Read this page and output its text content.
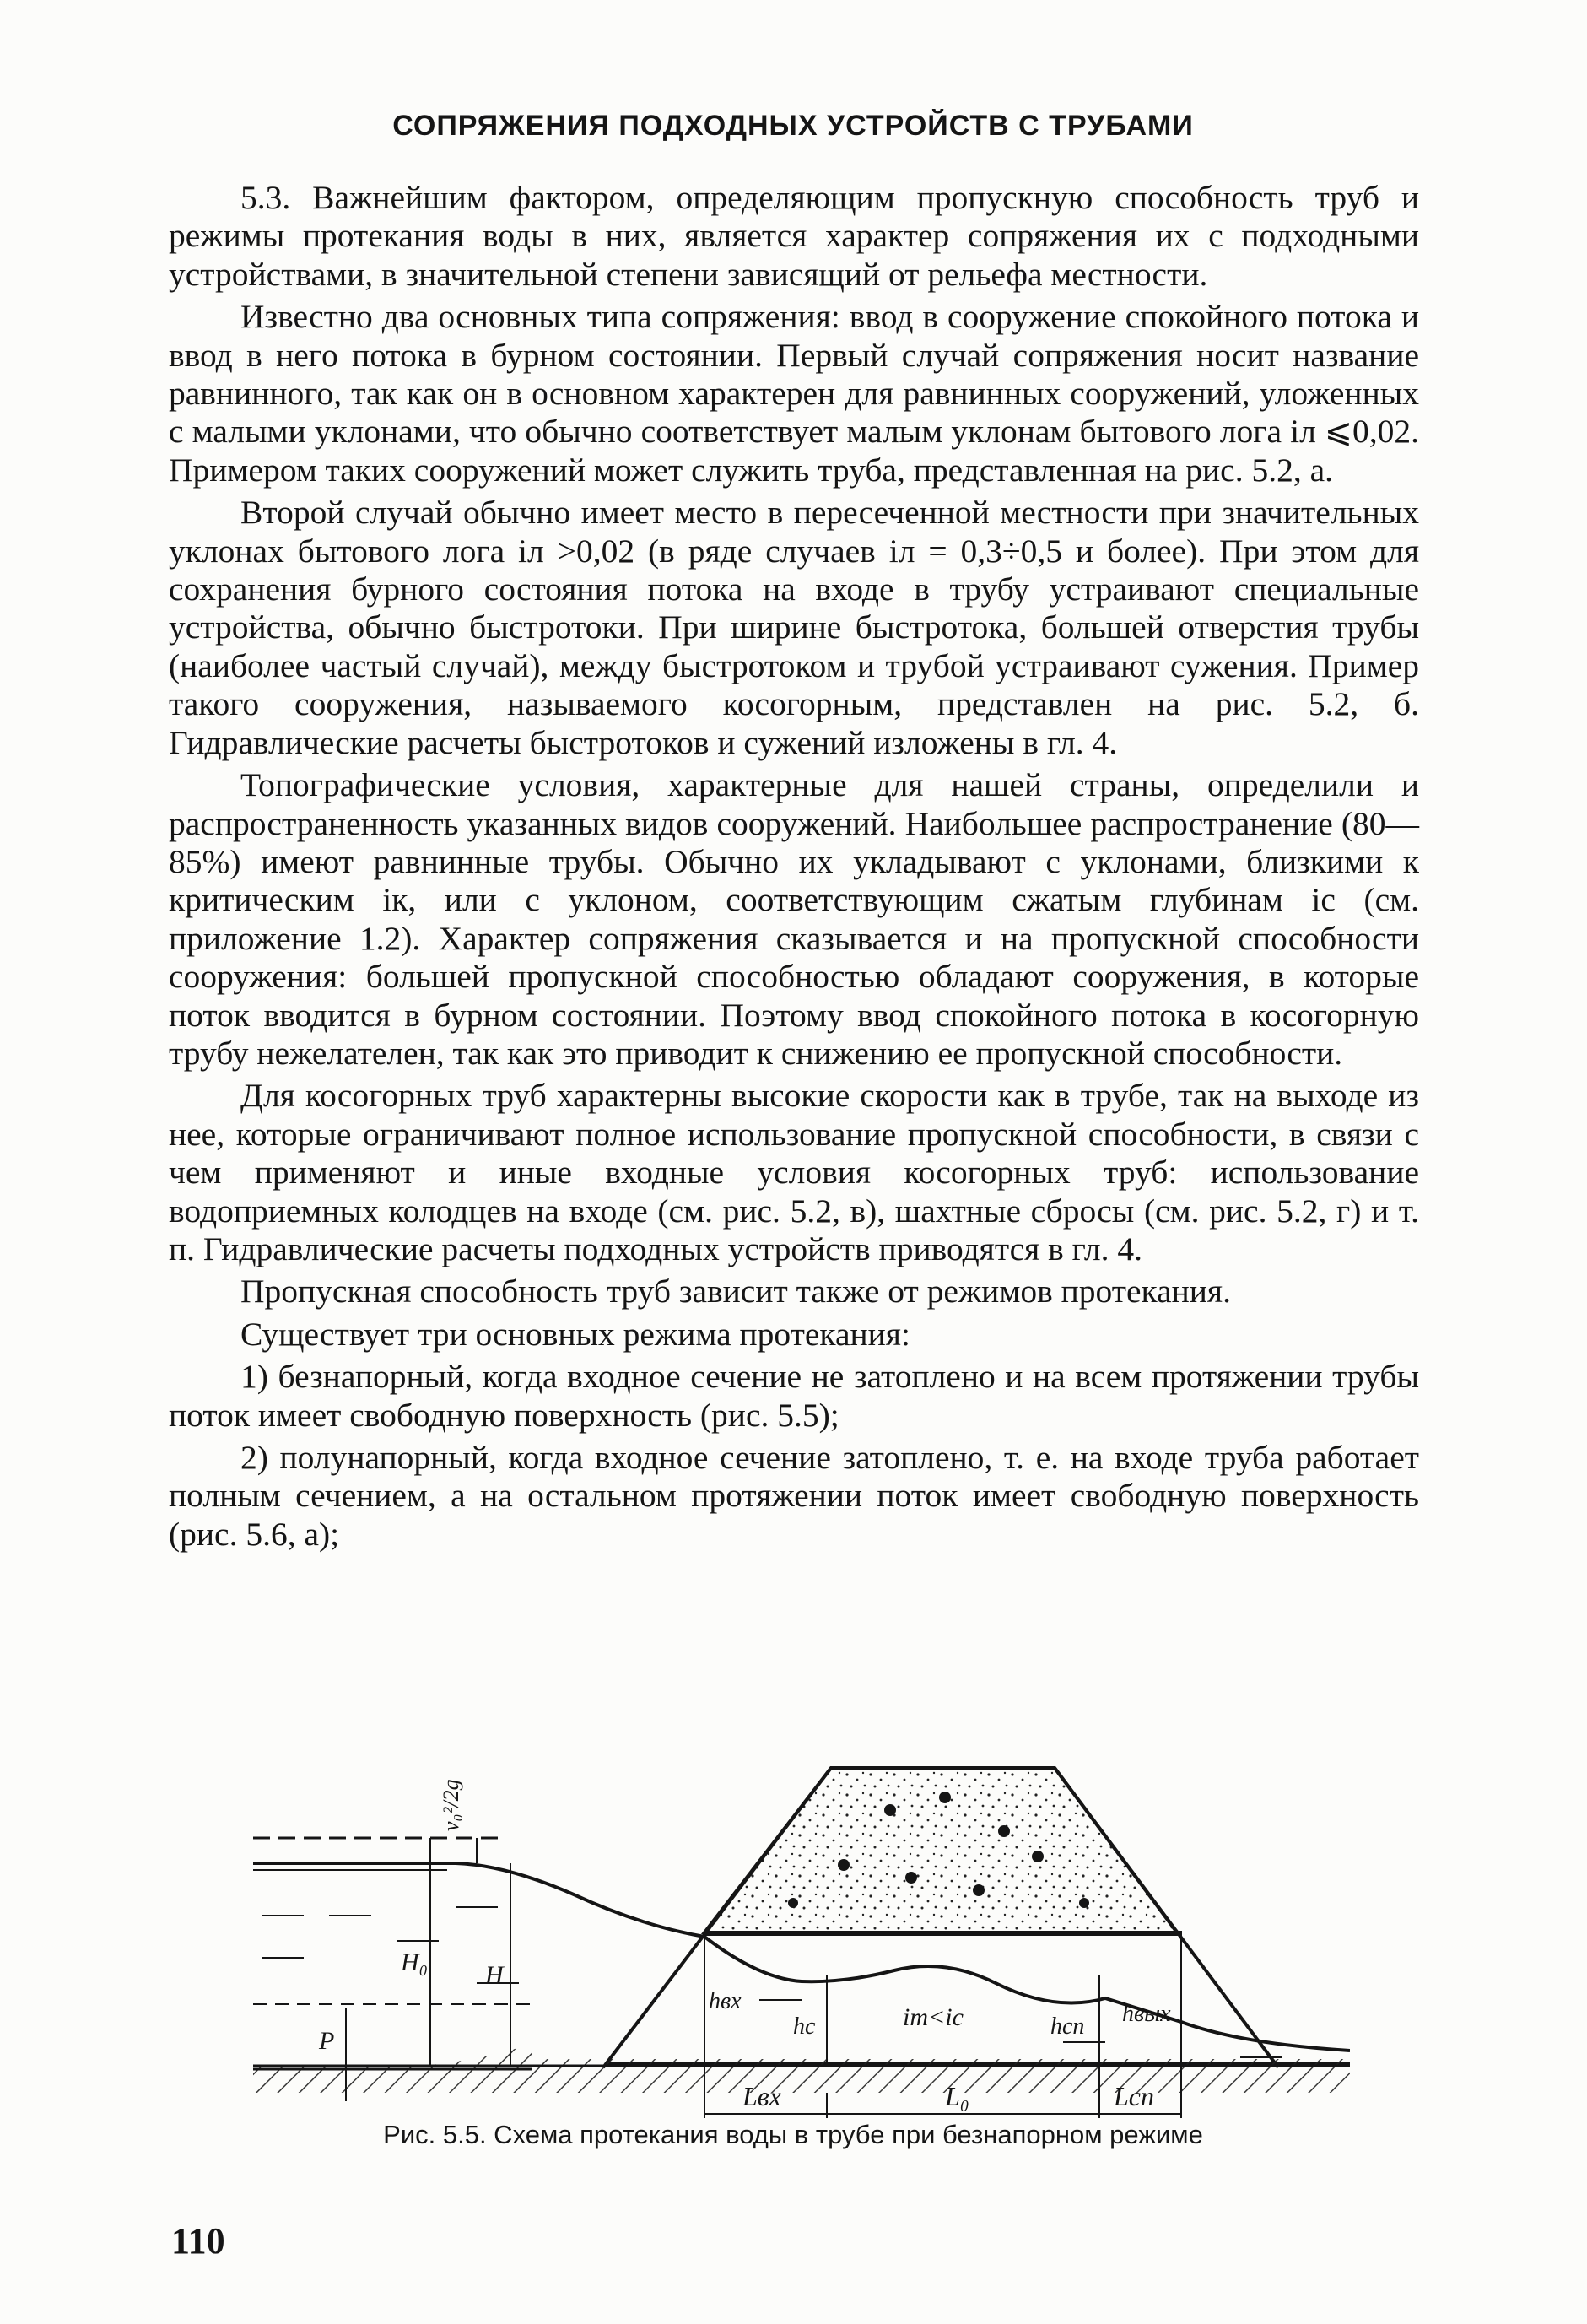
СОПРЯЖЕНИЯ ПОДХОДНЫХ УСТРОЙСТВ С ТРУБАМИ

5.3. Важнейшим фактором, определяющим пропускную способность труб и режимы протекания воды в них, является характер сопряжения их с подходными устройствами, в значительной степени зависящий от рельефа местности.

Известно два основных типа сопряжения: ввод в сооружение спокойного потока и ввод в него потока в бурном состоянии. Первый случай сопряжения носит название равнинного, так как он в основном характерен для равнинных сооружений, уложенных с малыми уклонами, что обычно соответствует малым уклонам бытового лога iл ⩽0,02. Примером таких сооружений может служить труба, представленная на рис. 5.2, а.

Второй случай обычно имеет место в пересеченной местности при значительных уклонах бытового лога iл >0,02 (в ряде случаев iл = 0,3÷0,5 и более). При этом для сохранения бурного состояния потока на входе в трубу устраивают специальные устройства, обычно быстротоки. При ширине быстротока, большей отверстия трубы (наиболее частый случай), между быстротоком и трубой устраивают сужения. Пример такого сооружения, называемого косогорным, представлен на рис. 5.2, б. Гидравлические расчеты быстротоков и сужений изложены в гл. 4.

Топографические условия, характерные для нашей страны, определили и распространенность указанных видов сооружений. Наибольшее распространение (80—85%) имеют равнинные трубы. Обычно их укладывают с уклонами, близкими к критическим iк, или с уклоном, соответствующим сжатым глубинам ic (см. приложение 1.2). Характер сопряжения сказывается и на пропускной способности сооружения: большей пропускной способностью обладают сооружения, в которые поток вводится в бурном состоянии. Поэтому ввод спокойного потока в косогорную трубу нежелателен, так как это приводит к снижению ее пропускной способности.

Для косогорных труб характерны высокие скорости как в трубе, так на выходе из нее, которые ограничивают полное использование пропускной способности, в связи с чем применяют и иные входные условия косогорных труб: использование водоприемных колодцев на входе (см. рис. 5.2, в), шахтные сбросы (см. рис. 5.2, г) и т. п. Гидравлические расчеты подходных устройств приводятся в гл. 4.

Пропускная способность труб зависит также от режимов протекания.

Существует три основных режима протекания:

1) безнапорный, когда входное сечение не затоплено и на всем протяжении трубы поток имеет свободную поверхность (рис. 5.5);

2) полунапорный, когда входное сечение затоплено, т. е. на входе труба работает полным сечением, а на остальном протяжении поток имеет свободную поверхность (рис. 5.6, а);

v₀²/2g
H₀ H
P
hвх
hс	iт<ic	hсп hвых
Lвх	L₀	Lсп
Рис. 5.5. Схема протекания воды в трубе при безнапорном режиме
110
